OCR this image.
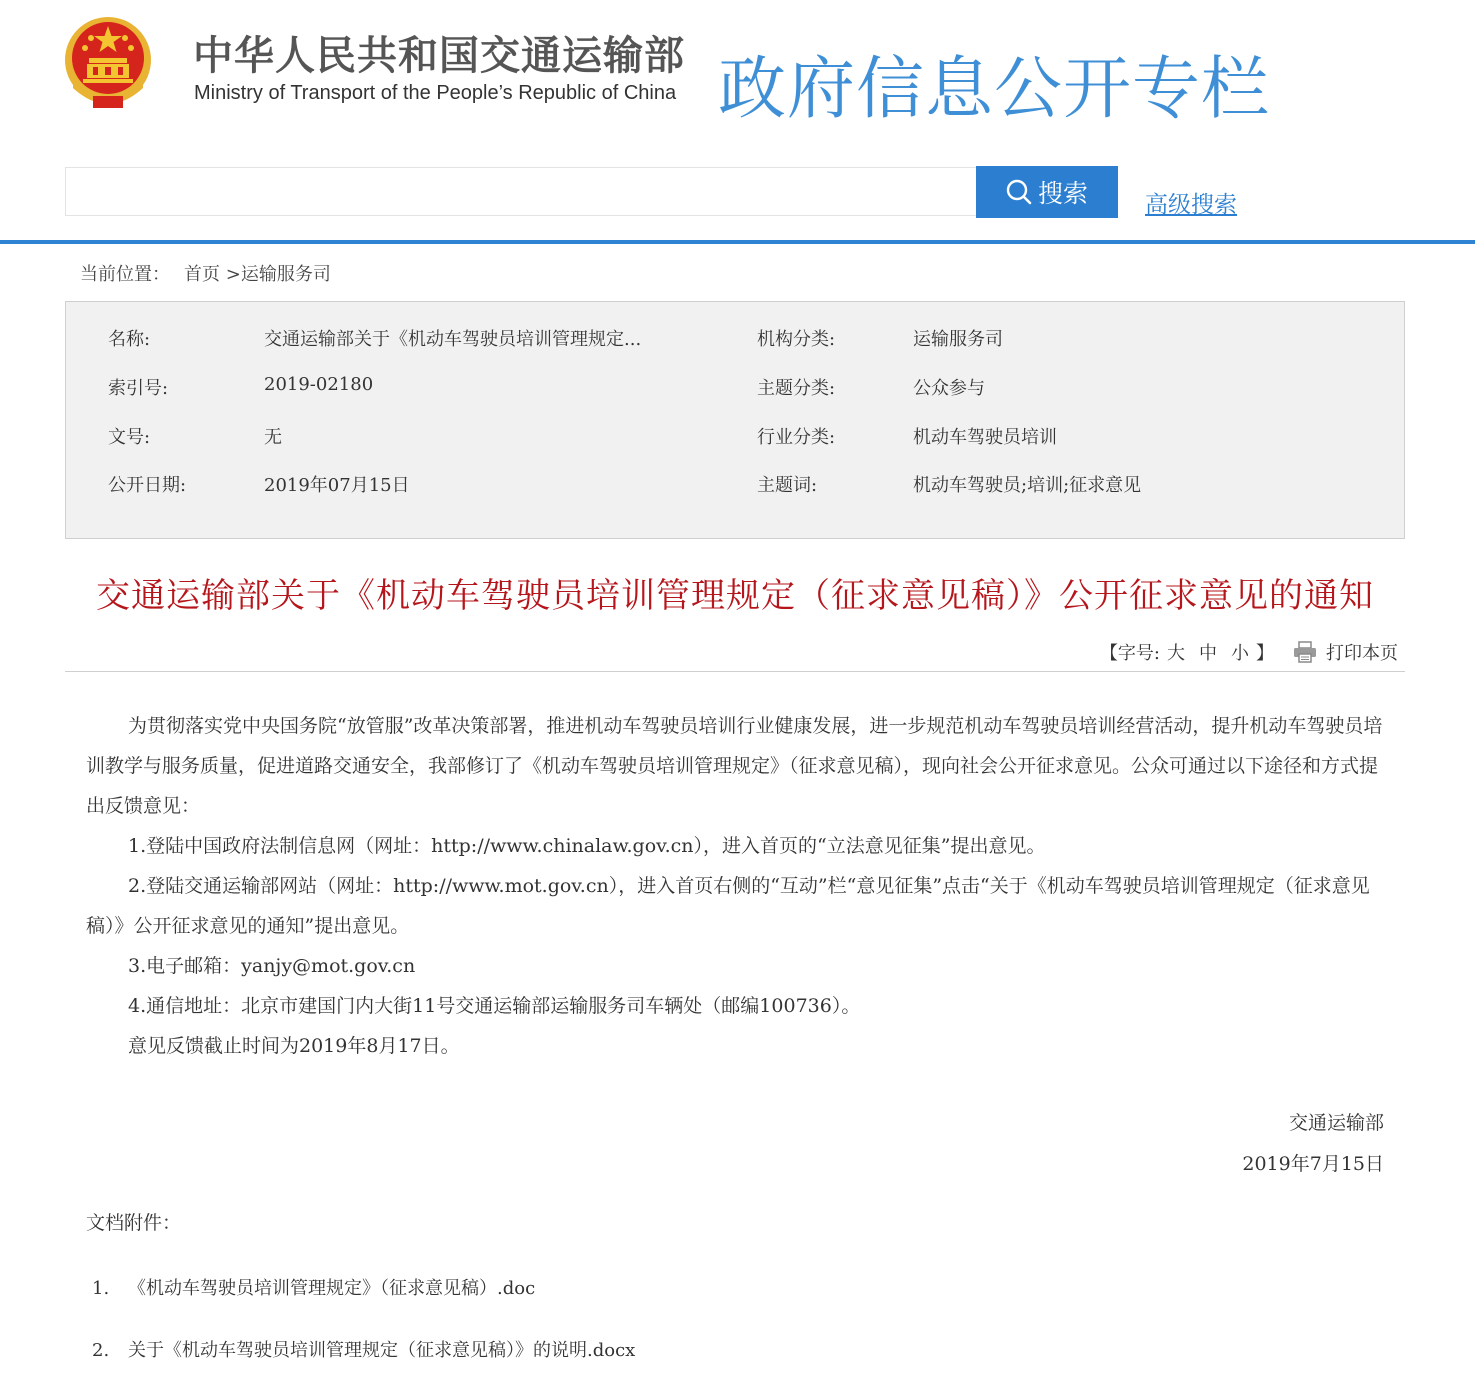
中华人民共和国交通运输部
Ministry of Transport of the People’s Republic of China 政府信息公开专栏
搜索 高级搜索
当前位置： 首页 >运输服务司
名称:	交通运输部关于《机动车驾驶员培训管理规定...	机构分类:	运输服务司
索引号:	2019-02180	主题分类:	公众参与
文号:	无	行业分类:	机动车驾驶员培训
公开日期:	2019年07月15日	主题词:	机动车驾驶员;培训;征求意见
交通运输部关于《机动车驾驶员培训管理规定（征求意见稿）》公开征求意见的通知
【字号: 大 中 小 】	打印本页

为贯彻落实党中央国务院“放管服”改革决策部署，推进机动车驾驶员培训行业健康发展，进一步规范机动车驾驶员培训经营活动，提升机动车驾驶员培训教学与服务质量，促进道路交通安全，我部修订了《机动车驾驶员培训管理规定》（征求意见稿），现向社会公开征求意见。公众可通过以下途径和方式提出反馈意见：

1.登陆中国政府法制信息网（网址：http://www.chinalaw.gov.cn），进入首页的“立法意见征集”提出意见。

2.登陆交通运输部网站（网址：http://www.mot.gov.cn），进入首页右侧的“互动”栏“意见征集”点击“关于《机动车驾驶员培训管理规定（征求意见稿）》公开征求意见的通知”提出意见。

3.电子邮箱：yanjy@mot.gov.cn

4.通信地址：北京市建国门内大街11号交通运输部运输服务司车辆处（邮编100736）。

意见反馈截止时间为2019年8月17日。

交通运输部
2019年7月15日
文档附件：
1. 《机动车驾驶员培训管理规定》（征求意见稿）.doc
2. 关于《机动车驾驶员培训管理规定（征求意见稿）》的说明.docx
